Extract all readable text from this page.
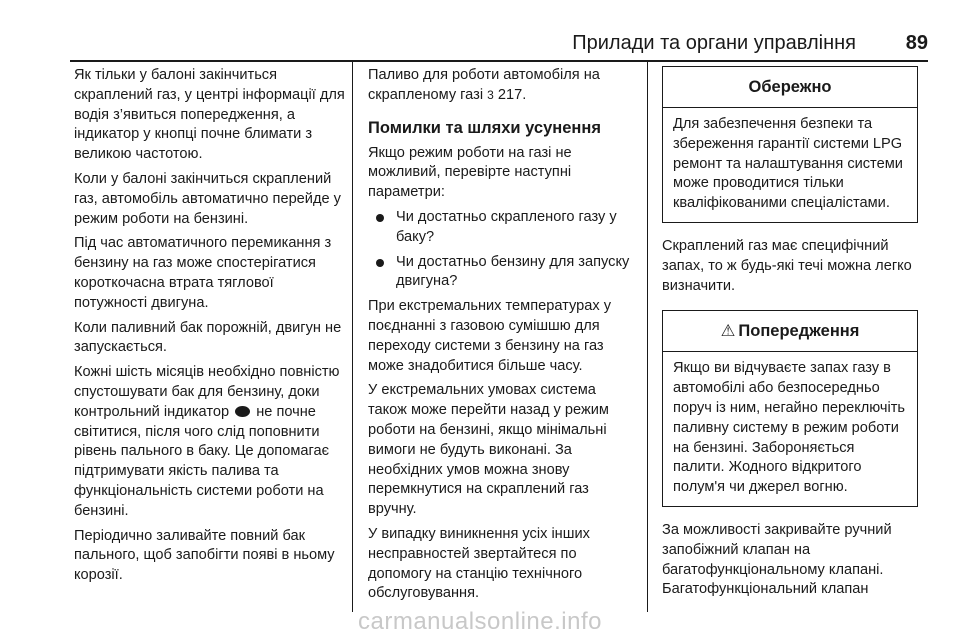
Прилади та органи управління 89

Як тільки у балоні закінчиться скраплений газ, у центрі інформації для водія з’явиться попередження, а індикатор у кнопці почне блимати з великою частотою.

Коли у балоні закінчиться скраплений газ, автомобіль автоматично перейде у режим роботи на бензині.

Під час автоматичного перемикання з бензину на газ може спостерігатися короткочасна втрата тяглової потужності двигуна.

Коли паливний бак порожній, двигун не запускається.

Кожні шість місяців необхідно повністю спустошувати бак для бензину, доки контрольний індикатор не почне світитися, після чого слід поповнити рівень пального в баку. Це допомагає підтримувати якість палива та функціональність системи роботи на бензині.

Періодично заливайте повний бак пального, щоб запобігти появі в ньому корозії.

Паливо для роботи автомобіля на скрапленому газі 3 217.

Помилки та шляхи усунення

Якщо режим роботи на газі не можливий, перевірте наступні параметри:

Чи достатньо скрапленого газу у баку?
Чи достатньо бензину для запуску двигуна?

При екстремальних температурах у поєднанні з газовою сумішшю для переходу системи з бензину на газ може знадобитися більше часу.

У екстремальних умовах система також може перейти назад у режим роботи на бензині, якщо мінімальні вимоги не будуть виконані. За необхідних умов можна знову перемкнутися на скраплений газ вручну.

У випадку виникнення усіх інших несправностей звертайтеся по допомогу на станцію технічного обслуговування.

Обережно
Для забезпечення безпеки та збереження гарантії системи LPG ремонт та налаштування системи може проводитися тільки кваліфікованими спеціалістами.

Скраплений газ має специфічний запах, то ж будь-які течі можна легко визначити.

⚠ Попередження
Якщо ви відчуваєте запах газу в автомобілі або безпосередньо поруч із ним, негайно переключіть паливну систему в режим роботи на бензині. Забороняється палити. Жодного відкритого полум'я чи джерел вогню.

За можливості закривайте ручний запобіжний клапан на багатофункціональному клапані. Багатофункціональний клапан

carmanualsonline.info
